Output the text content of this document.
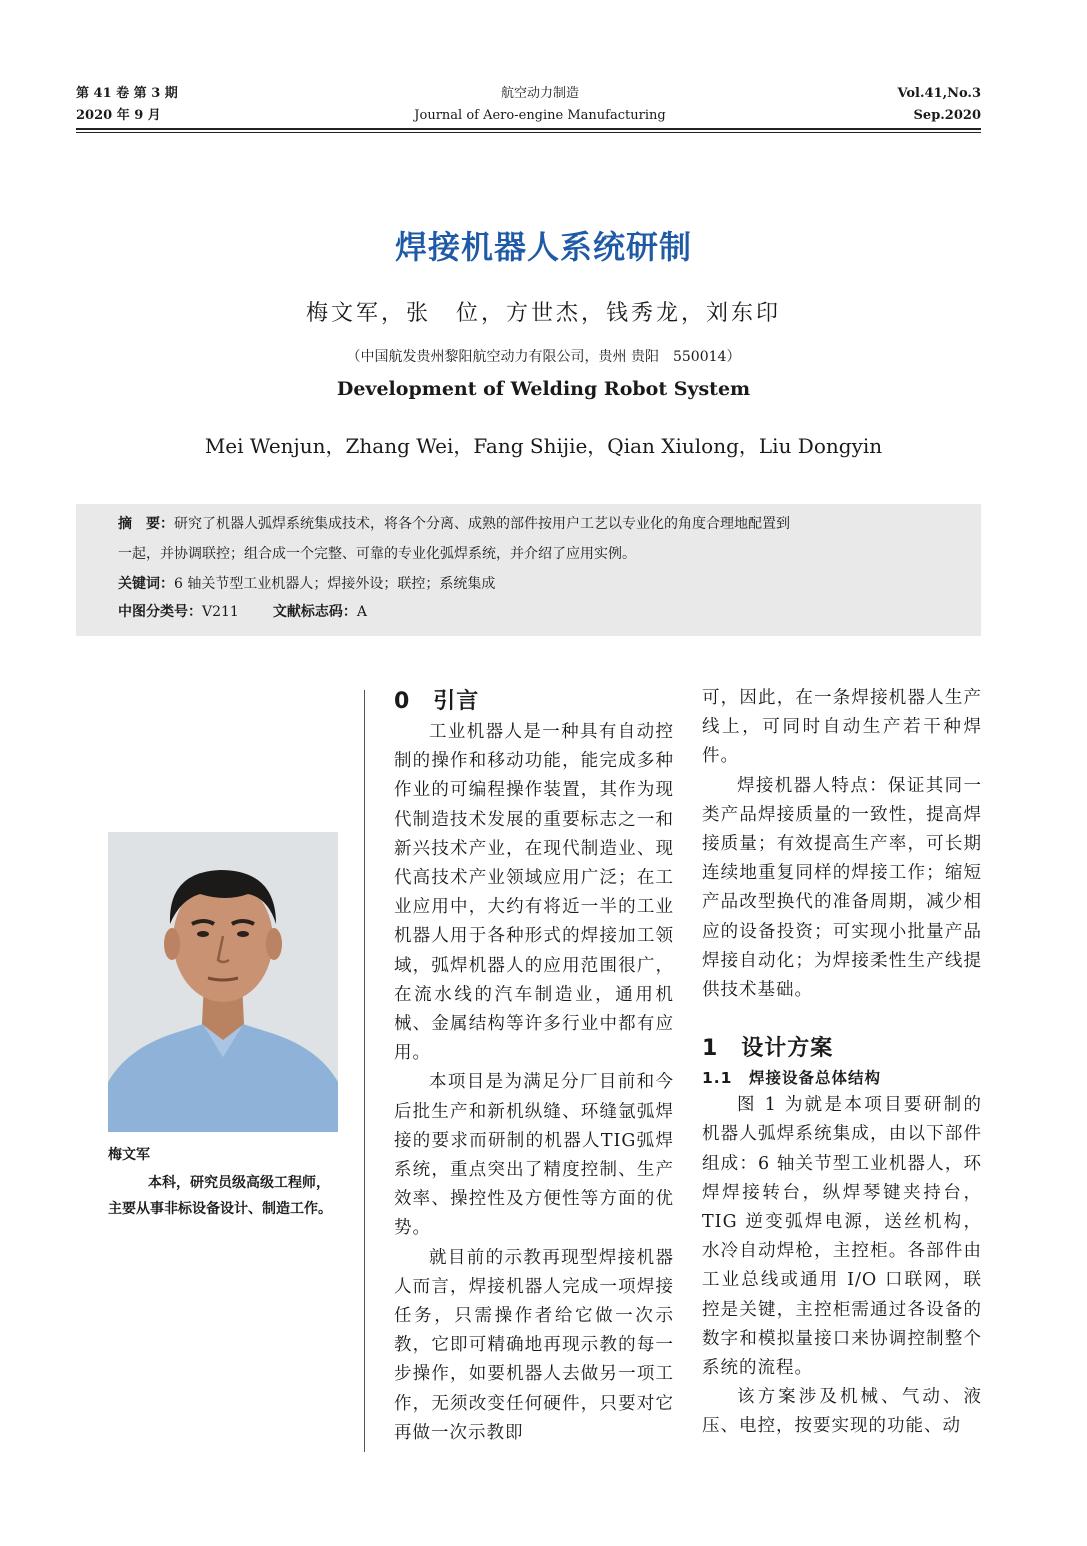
第 41 卷 第 3 期
2020 年 9 月
航空动力制造
Journal of Aero-engine Manufacturing
Vol.41,No.3
Sep.2020
焊接机器人系统研制
梅文军，张　位，方世杰，钱秀龙，刘东印
（中国航发贵州黎阳航空动力有限公司，贵州 贵阳　550014）
Development of Welding Robot System
Mei Wenjun，Zhang Wei，Fang Shijie，Qian Xiulong，Liu Dongyin
摘　要：研究了机器人弧焊系统集成技术，将各个分离、成熟的部件按用户工艺以专业化的角度合理地配置到
一起，并协调联控；组合成一个完整、可靠的专业化弧焊系统，并介绍了应用实例。
关键词：6 轴关节型工业机器人；焊接外设；联控；系统集成
中图分类号：V211 文献标志码：A
梅文军
本科，研究员级高级工程师，主要从事非标设备设计、制造工作。
0　引言

工业机器人是一种具有自动控制的操作和移动功能，能完成多种作业的可编程操作装置，其作为现代制造技术发展的重要标志之一和新兴技术产业，在现代制造业、现代高技术产业领域应用广泛；在工业应用中，大约有将近一半的工业机器人用于各种形式的焊接加工领域，弧焊机器人的应用范围很广，在流水线的汽车制造业，通用机械、金属结构等许多行业中都有应用。

本项目是为满足分厂目前和今后批生产和新机纵缝、环缝氩弧焊接的要求而研制的机器人TIG弧焊系统，重点突出了精度控制、生产效率、操控性及方便性等方面的优势。

就目前的示教再现型焊接机器人而言，焊接机器人完成一项焊接任务，只需操作者给它做一次示教，它即可精确地再现示教的每一步操作，如要机器人去做另一项工作，无须改变任何硬件，只要对它再做一次示教即

可，因此，在一条焊接机器人生产线上，可同时自动生产若干种焊件。

焊接机器人特点：保证其同一类产品焊接质量的一致性，提高焊接质量；有效提高生产率，可长期连续地重复同样的焊接工作；缩短产品改型换代的准备周期，减少相应的设备投资；可实现小批量产品焊接自动化；为焊接柔性生产线提供技术基础。

1　设计方案
1.1　焊接设备总体结构

图 1 为就是本项目要研制的机器人弧焊系统集成，由以下部件组成：6 轴关节型工业机器人，环焊焊接转台，纵焊琴键夹持台，TIG 逆变弧焊电源，送丝机构，水冷自动焊枪，主控柜。各部件由工业总线或通用 I/O 口联网，联控是关键，主控柜需通过各设备的数字和模拟量接口来协调控制整个系统的流程。

该方案涉及机械、气动、液压、电控，按要实现的功能、动
